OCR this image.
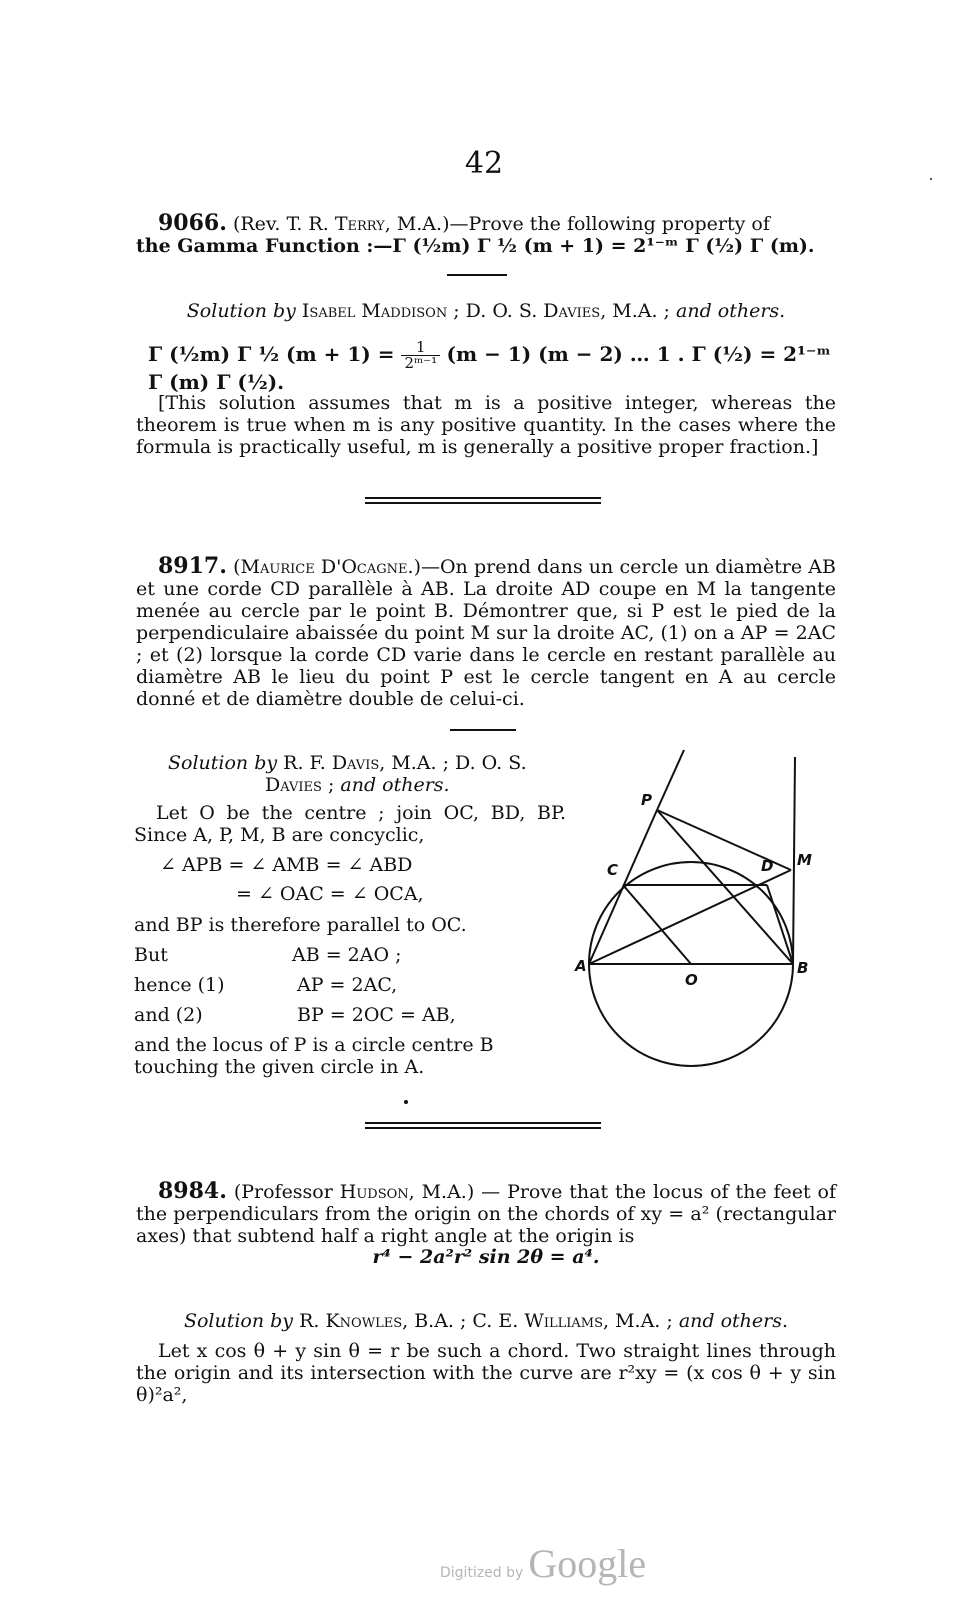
42

9066. (Rev. T. R. Terry, M.A.)—Prove the following property of

the Gamma Function :—Γ (½m) Γ ½ (m + 1) = 2¹⁻ᵐ Γ (½) Γ (m).

Solution by Isabel Maddison ; D. O. S. Davies, M.A. ; and others.
Γ (½m) Γ ½ $(m + 1) = \frac{1}{\text{2ᵐ⁻¹}} (m - 1) (m - 2)$ … 1 . Γ (½) = 2¹⁻ᵐ Γ (m) Γ (½).

[This solution assumes that m is a positive integer, whereas the theorem is true when m is any positive quantity. In the cases where the formula is practically useful, m is generally a positive proper fraction.]

8917. (Maurice D'Ocagne.)—On prend dans un cercle un diamètre AB et une corde CD parallèle à AB. La droite AD coupe en M la tangente menée au cercle par le point B. Démontrer que, si P est le pied de la perpendiculaire abaissée du point M sur la droite AC, (1) on a AP = 2AC ; et (2) lorsque la corde CD varie dans le cercle en restant parallèle au diamètre AB le lieu du point P est le cercle tangent en A au cercle donné et de diamètre double de celui-ci.

Solution by R. F. Davis, M.A. ; D. O. S.
Davies ; and others.

Let O be the centre ; join OC, BD, BP. Since A, P, M, B are concyclic,

∠ APB = ∠ AMB = ∠ ABD
= ∠ OAC = ∠ OCA,
and BP is therefore parallel to OC.
But	AB = 2AO ;
hence (1)	AP = 2AC,
and (2)	BP = 2OC = AB,

and the locus of P is a circle centre B touching the given circle in A.

P
C	D M
A
O
B

8984. (Professor Hudson, M.A.) — Prove that the locus of the feet of the perpendiculars from the origin on the chords of xy = a² (rectangular axes) that subtend half a right angle at the origin is

r⁴ − 2a²r² sin 2θ = a⁴.
Solution by R. Knowles, B.A. ; C. E. Williams, M.A. ; and others.

Let x cos θ + y sin θ = r be such a chord. Two straight lines through the origin and its intersection with the curve are r²xy = (x cos θ + y sin θ)²a²,

Digitized by Google
